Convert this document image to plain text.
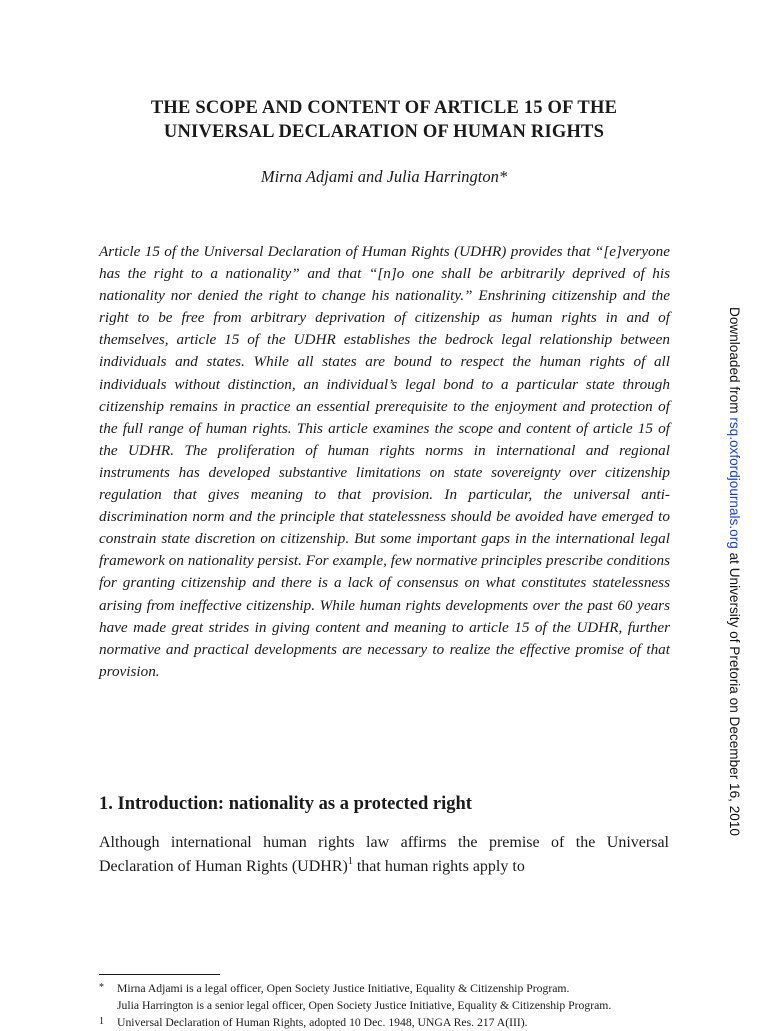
THE SCOPE AND CONTENT OF ARTICLE 15 OF THE
UNIVERSAL DECLARATION OF HUMAN RIGHTS

Mirna Adjami and Julia Harrington*

Article 15 of the Universal Declaration of Human Rights (UDHR) provides that “[e]veryone has the right to a nationality” and that “[n]o one shall be arbitrarily deprived of his nationality nor denied the right to change his nationality.” Enshrining citizenship and the right to be free from arbitrary deprivation of citizenship as human rights in and of themselves, article 15 of the UDHR establishes the bedrock legal relationship between individuals and states. While all states are bound to respect the human rights of all individuals without distinction, an individual’s legal bond to a particular state through citizenship remains in practice an essential prerequisite to the enjoyment and protection of the full range of human rights. This article examines the scope and content of article 15 of the UDHR. The proliferation of human rights norms in international and regional instruments has developed substantive limitations on state sovereignty over citizenship regulation that gives meaning to that provision. In particular, the universal anti-discrimination norm and the principle that statelessness should be avoided have emerged to constrain state discretion on citizenship. But some important gaps in the international legal framework on nationality persist. For example, few normative principles prescribe conditions for granting citizenship and there is a lack of consensus on what constitutes statelessness arising from ineffective citizenship. While human rights developments over the past 60 years have made great strides in giving content and meaning to article 15 of the UDHR, further normative and practical developments are necessary to realize the effective promise of that provision.

1. Introduction: nationality as a protected right

Although international human rights law affirms the premise of the Universal Declaration of Human Rights (UDHR)$^1$ that human rights apply to

* Mirna Adjami is a legal officer, Open Society Justice Initiative, Equality & Citizenship Program.
Julia Harrington is a senior legal officer, Open Society Justice Initiative, Equality & Citizenship Program.
1 Universal Declaration of Human Rights, adopted 10 Dec. 1948, UNGA Res. 217 A(III).
Downloaded from rsq.oxfordjournals.org at University of Pretoria on December 16, 2010
